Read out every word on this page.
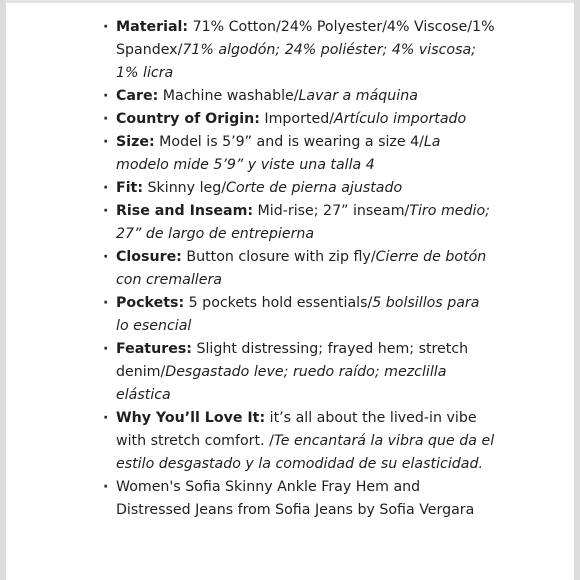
· Material: 71% Cotton/24% Polyester/4% Viscose/1% Spandex/71% algodón; 24% poliéster; 4% viscosa; 1% licra
· Care: Machine washable/Lavar a máquina
· Country of Origin: Imported/Artículo importado
· Size: Model is 5’9” and is wearing a size 4/La modelo mide 5’9” y viste una talla 4
· Fit: Skinny leg/Corte de pierna ajustado
· Rise and Inseam: Mid-rise; 27” inseam/Tiro medio; 27” de largo de entrepierna
· Closure: Button closure with zip fly/Cierre de botón con cremallera
· Pockets: 5 pockets hold essentials/5 bolsillos para lo esencial
· Features: Slight distressing; frayed hem; stretch denim/Desgastado leve; ruedo raído; mezclilla elástica
· Why You’ll Love It: it’s all about the lived-in vibe with stretch comfort. /Te encantará la vibra que da el estilo desgastado y la comodidad de su elasticidad.
· Women's Sofia Skinny Ankle Fray Hem and Distressed Jeans from Sofia Jeans by Sofia Vergara
